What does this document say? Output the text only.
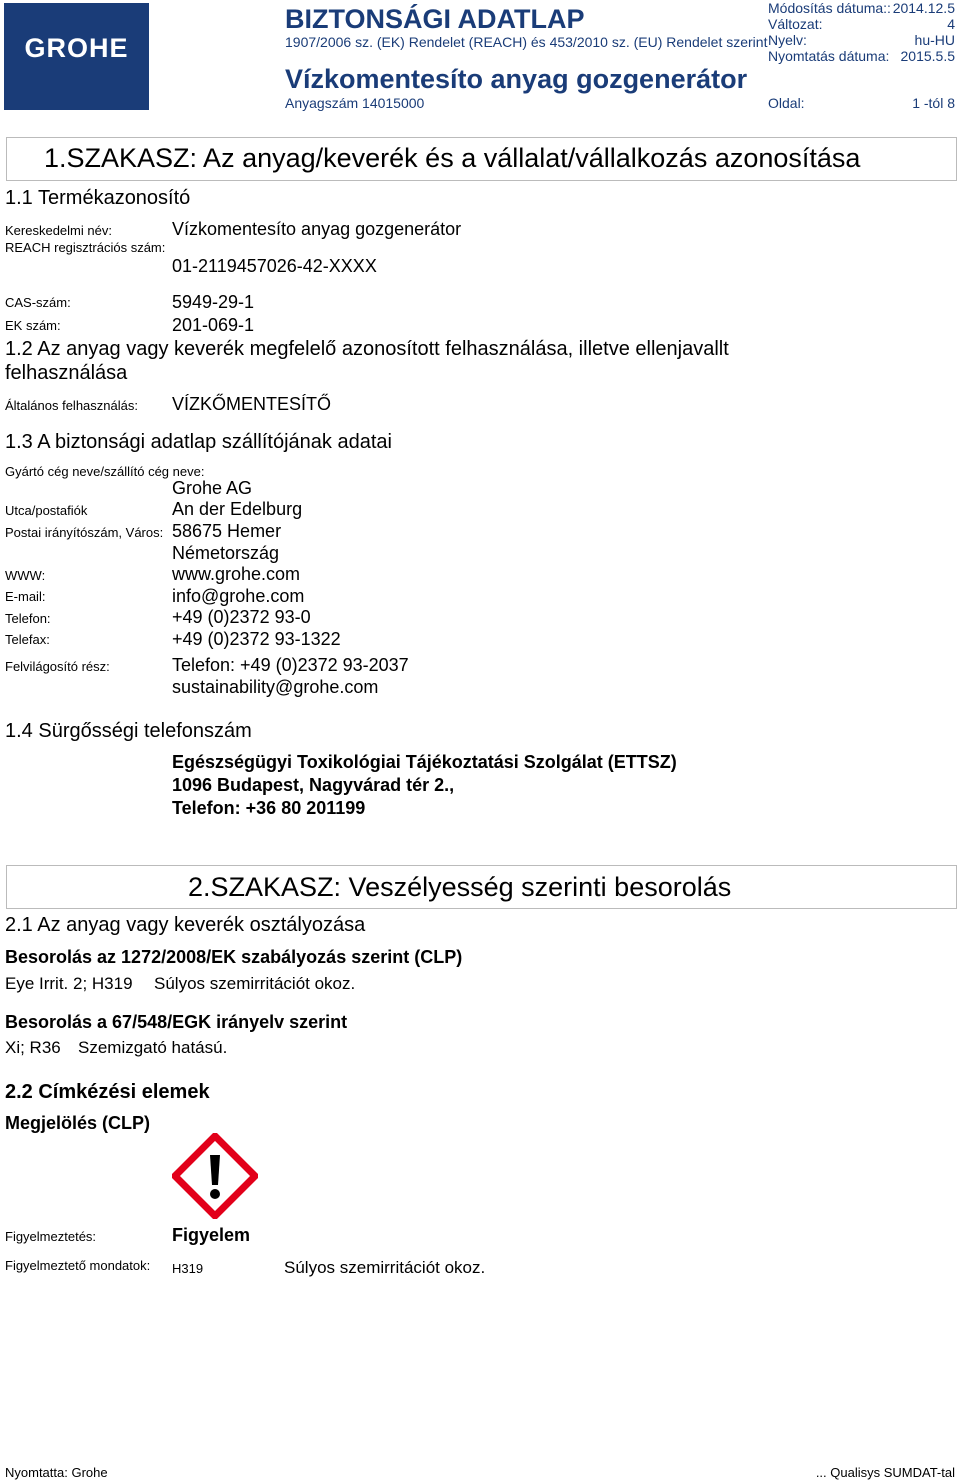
GROHE
BIZTONSÁGI ADATLAP
1907/2006 sz. (EK) Rendelet (REACH) és 453/2010 sz. (EU) Rendelet szerint
Vízkomentesíto anyag gozgenerátor
Anyagszám 14015000
Módosítás dátuma:: 2014.12.5
Változat:	4
Nyelv:	hu-HU
Nyomtatás dátuma: 2015.5.5
Oldal:	1 -tól 8
1.SZAKASZ: Az anyag/keverék és a vállalat/vállalkozás azonosítása
1.1 Termékazonosító
Kereskedelmi név:	Vízkomentesíto anyag gozgenerátor
REACH regisztrációs szám:
01-2119457026-42-XXXX
CAS-szám:	5949-29-1
EK szám:	201-069-1
1.2 Az anyag vagy keverék megfelelő azonosított felhasználása, illetve ellenjavallt
felhasználása
Általános felhasználás: VÍZKŐMENTESÍTŐ
1.3 A biztonsági adatlap szállítójának adatai
Gyártó cég neve/szállító cég neve:
Grohe AG
Utca/postafiók	An der Edelburg
Postai irányítószám, Város: 58675 Hemer
Németország
WWW:	www.grohe.com
E-mail:	info@grohe.com
Telefon:	+49 (0)2372 93-0
Telefax:	+49 (0)2372 93-1322
Felvilágosító rész:	Telefon: +49 (0)2372 93-2037
sustainability@grohe.com
1.4 Sürgősségi telefonszám
Egészségügyi Toxikológiai Tájékoztatási Szolgálat (ETTSZ)
1096 Budapest, Nagyvárad tér 2.,
Telefon: +36 80 201199
2.SZAKASZ: Veszélyesség szerinti besorolás
2.1 Az anyag vagy keverék osztályozása
Besorolás az 1272/2008/EK szabályozás szerint (CLP)
Eye Irrit. 2; H319 Súlyos szemirritációt okoz.
Besorolás a 67/548/EGK irányelv szerint
Xi; R36 Szemizgató hatású.
2.2 Címkézési elemek
Megjelölés (CLP)
Figyelmeztetés:	Figyelem
Figyelmeztető mondatok: H319	Súlyos szemirritációt okoz.
Nyomtatta: Grohe	... Qualisys SUMDAT-tal
